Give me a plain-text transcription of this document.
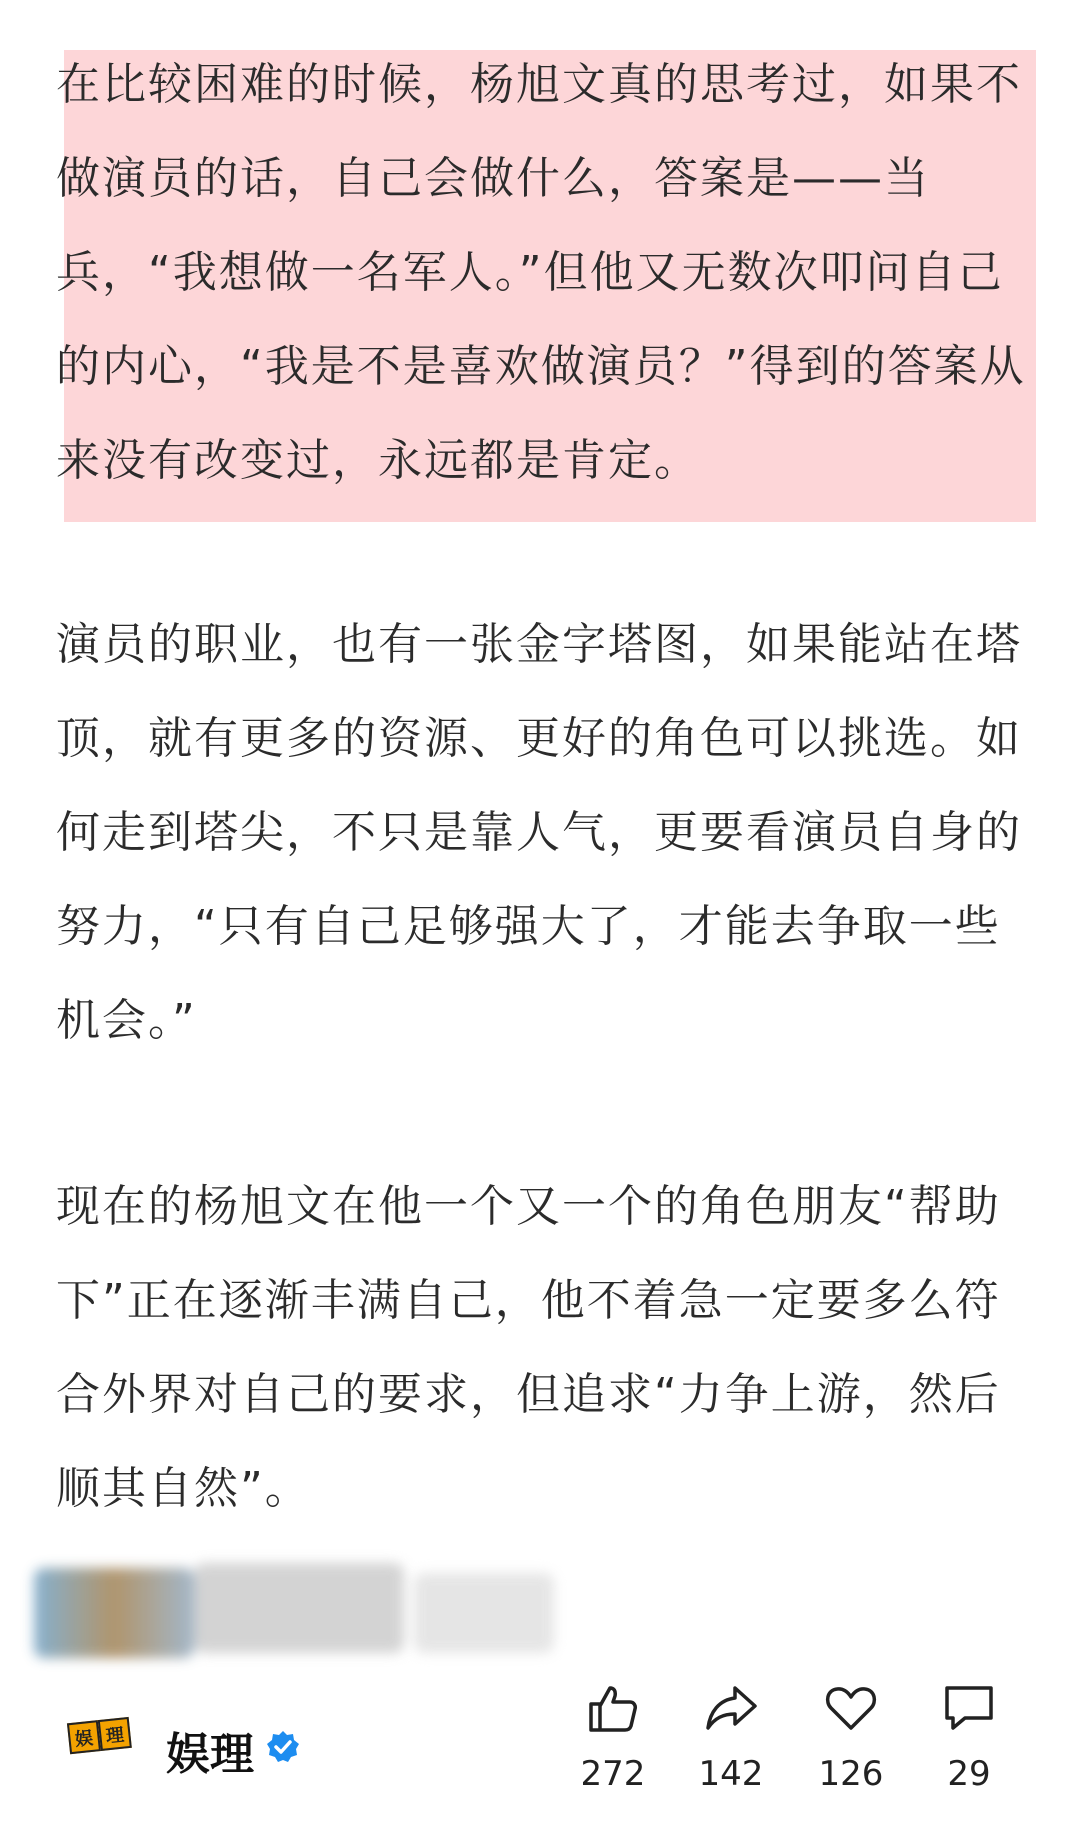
在比较困难的时候，杨旭文真的思考过，如果不做演员的话，自己会做什么，答案是——当兵，“我想做一名军人。”但他又无数次叩问自己的内心，“我是不是喜欢做演员？”得到的答案从来没有改变过，永远都是肯定。

演员的职业，也有一张金字塔图，如果能站在塔顶，就有更多的资源、更好的角色可以挑选。如何走到塔尖，不只是靠人气，更要看演员自身的努力，“只有自己足够强大了，才能去争取一些机会。”

现在的杨旭文在他一个又一个的角色朋友“帮助下”正在逐渐丰满自己，他不着急一定要多么符合外界对自己的要求，但追求“力争上游，然后顺其自然”。

娱 理 娱理	272	142	126	29
